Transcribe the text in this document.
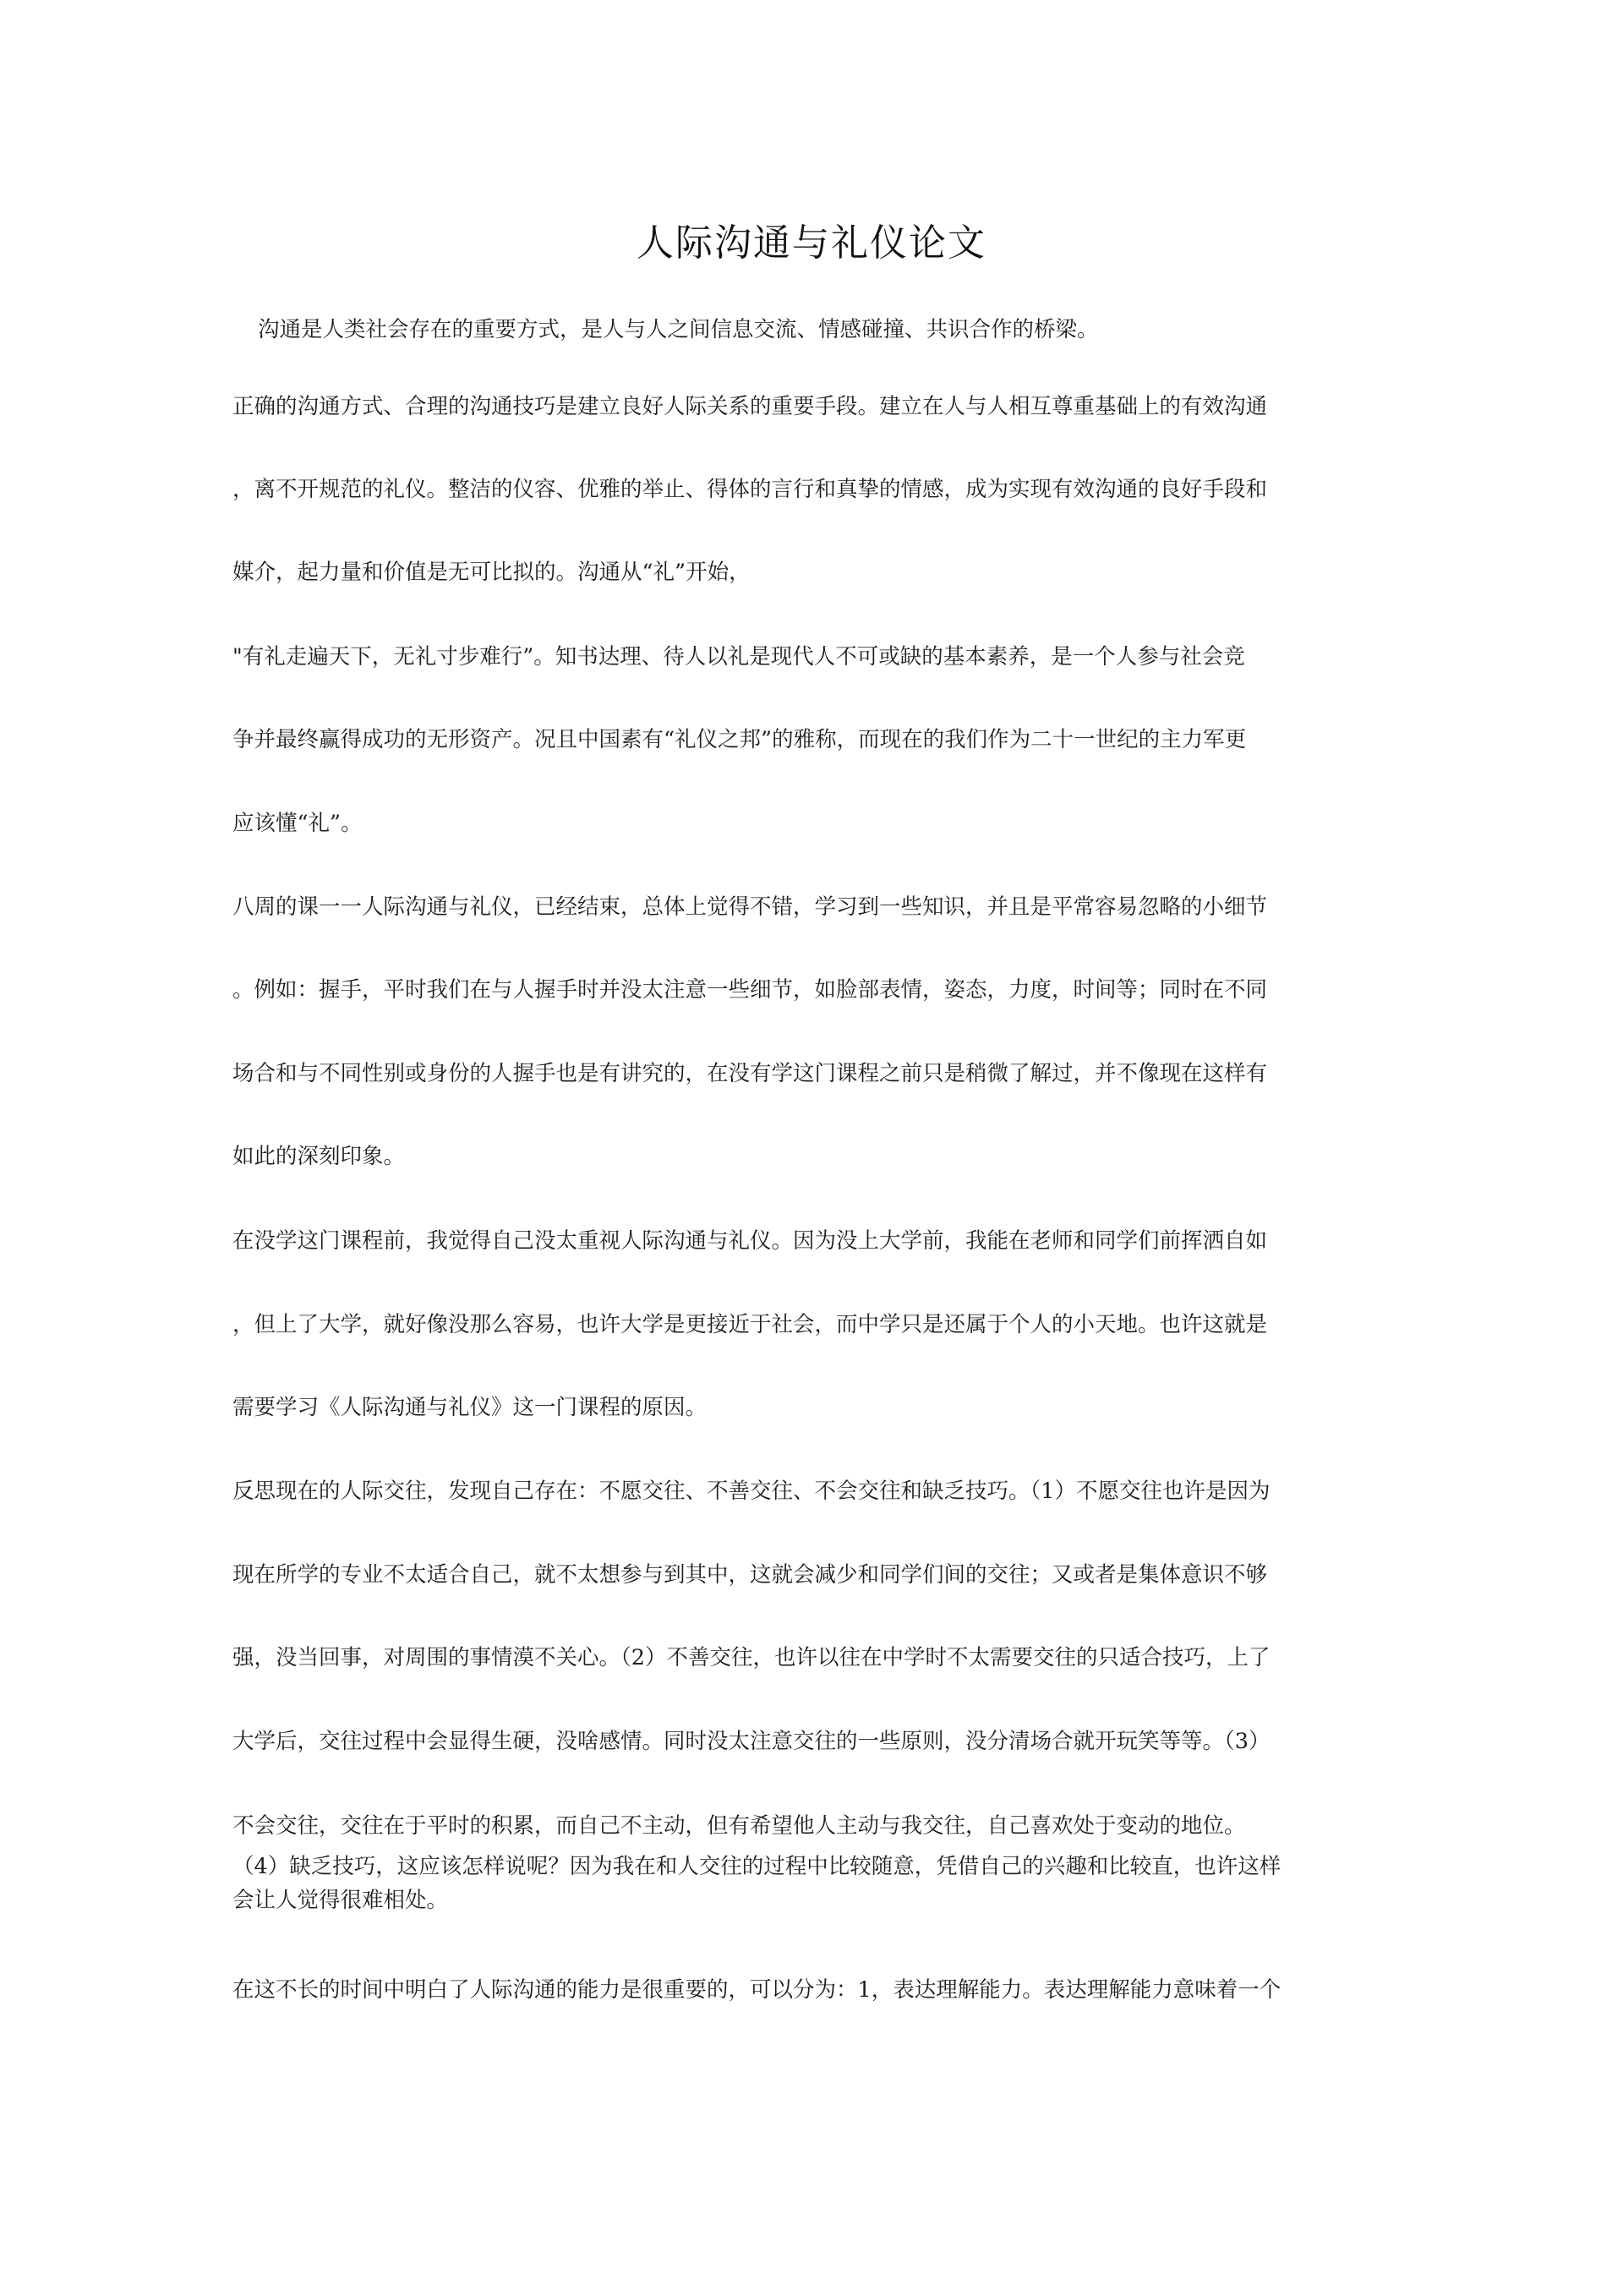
人际沟通与礼仪论文
沟通是人类社会存在的重要方式，是人与人之间信息交流、情感碰撞、共识合作的桥梁。
正确的沟通方式、合理的沟通技巧是建立良好人际关系的重要手段。建立在人与人相互尊重基础上的有效沟通
，离不开规范的礼仪。整洁的仪容、优雅的举止、得体的言行和真挚的情感，成为实现有效沟通的良好手段和
媒介，起力量和价值是无可比拟的。沟通从“礼”开始，
"有礼走遍天下，无礼寸步难行”。知书达理、待人以礼是现代人不可或缺的基本素养，是一个人参与社会竞
争并最终赢得成功的无形资产。况且中国素有“礼仪之邦”的雅称，而现在的我们作为二十一世纪的主力军更
应该懂“礼”。
八周的课一一人际沟通与礼仪，已经结束，总体上觉得不错，学习到一些知识，并且是平常容易忽略的小细节
。例如：握手，平时我们在与人握手时并没太注意一些细节，如脸部表情，姿态，力度，时间等；同时在不同
场合和与不同性别或身份的人握手也是有讲究的，在没有学这门课程之前只是稍微了解过，并不像现在这样有
如此的深刻印象。
在没学这门课程前，我觉得自己没太重视人际沟通与礼仪。因为没上大学前，我能在老师和同学们前挥洒自如
，但上了大学，就好像没那么容易，也许大学是更接近于社会，而中学只是还属于个人的小天地。也许这就是
需要学习《人际沟通与礼仪》这一门课程的原因。
反思现在的人际交往，发现自己存在：不愿交往、不善交往、不会交往和缺乏技巧。（1）不愿交往也许是因为
现在所学的专业不太适合自己，就不太想参与到其中，这就会减少和同学们间的交往；又或者是集体意识不够
强，没当回事，对周围的事情漠不关心。（2）不善交往，也许以往在中学时不太需要交往的只适合技巧，上了
大学后，交往过程中会显得生硬，没啥感情。同时没太注意交往的一些原则，没分清场合就开玩笑等等。（3）
不会交往，交往在于平时的积累，而自己不主动，但有希望他人主动与我交往，自己喜欢处于变动的地位。
（4）缺乏技巧，这应该怎样说呢？因为我在和人交往的过程中比较随意，凭借自己的兴趣和比较直，也许这样
会让人觉得很难相处。
在这不长的时间中明白了人际沟通的能力是很重要的，可以分为：1，表达理解能力。表达理解能力意味着一个
